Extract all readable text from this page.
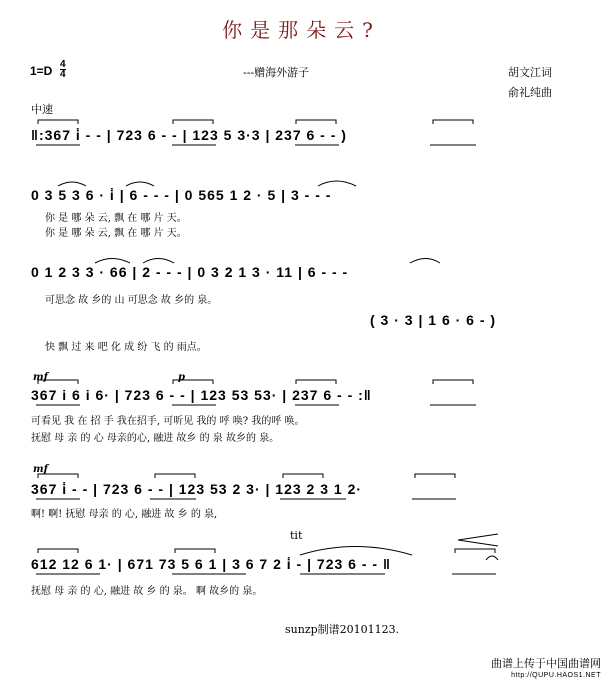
你是那朵云?
$1=D \frac{4}{4}$	---赠海外游子	胡文江词
俞礼纯曲
中速
‖:367 i̇ - - | 723 6 - - | 123 5 3·3 | 237 6 - - )
0 3 5 3 6 · i̇ | 6 - - - | 0 565 1 2 · 5 | 3 - - -
你 是 哪 朵 云, 飘 在 哪 片 天。
你 是 哪 朵 云, 飘 在 哪 片 天。
0 1 2 3 3 · 66 | 2 - - - | 0 3 2 1 3 · 11 | 6 - - -
可思念 故 乡的 山 可思念 故 乡的 泉。
( 3 · 3 | 1 6 · 6 - )
快 飘 过 来 吧 化 成 纷 飞 的 雨点。
mf	p
367 i 6 i 6· | 723 6 - - | 123 53 53· | 237 6 - - :‖
可看见 我 在 招 手 我在招手, 可听见 我的 呼 唤? 我的呼 唤。
抚慰 母 亲 的 心 母亲的心, 融进 故乡 的 泉 故乡的 泉。
mf
367 i̇ - - | 723 6 - - | 123 53 2 3· | 123 2 3 1 2·
啊! 啊! 抚慰 母亲 的 心, 融进 故 乡 的 泉,
tit
612 12 6 1· | 671 73 5 6 1 | 3 6 7 2 i̇ - | 723 6 - - ‖
抚慰 母 亲 的 心, 融进 故 乡 的 泉。 啊 故乡的 泉。
sunzp制谱20101123.
曲谱上传于中国曲谱网
http://QUPU.HAOS1.NET
